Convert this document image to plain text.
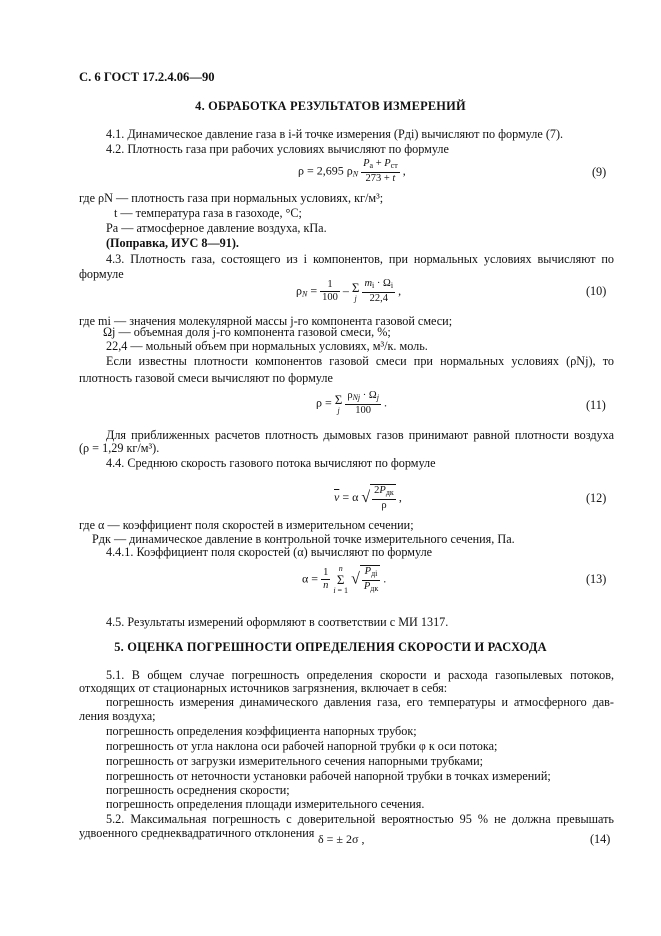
С. 6 ГОСТ 17.2.4.06—90
4. ОБРАБОТКА РЕЗУЛЬТАТОВ ИЗМЕРЕНИЙ
4.1. Динамическое давление газа в i-й точке измерения (Pдi) вычисляют по формуле (7).
4.2. Плотность газа при рабочих условиях вычисляют по формуле
ρ = 2,695 $\rho_N \frac{P_a + P_{ст}}{273 + t}$ ,	(9)
где ρN — плотность газа при нормальных условиях, кг/м³;
t — температура газа в газоходе, °С;
Pа — атмосферное давление воздуха, кПа.
(Поправка, ИУС 8—91).
4.3. Плотность газа, состоящего из i компонентов, при нормальных условиях вычисляют по
формуле
$\rho_N = \frac{1}{100} - \Sigma$
j $\frac{m_i \cdot \Omega_i}{22,4}$ ,	(10)
где mi — значения молекулярной массы j-го компонента газовой смеси;
Ωj — объемная доля j-го компонента газовой смеси, %;
22,4 — мольный объем при нормальных условиях, м³/к. моль.
Если известны плотности компонентов газовой смеси при нормальных условиях (ρNj), то
плотность газовой смеси вычисляют по формуле
ρ = Σ
j $\frac{\rho_{Nj} \cdot \Omega_j}{100}$ .	(11)
Для приближенных расчетов плотность дымовых газов принимают равной плотности воздуха
(ρ = 1,29 кг/м³).
4.4. Среднюю скорость газового потока вычисляют по формуле
$\overline{v} = \alpha$ √ $\frac{2P_{дк}}{\rho}$ ,	(12)
где α — коэффициент поля скоростей в измерительном сечении;
Pдк — динамическое давление в контрольной точке измерительного сечения, Па.
4.4.1. Коэффициент поля скоростей (α) вычисляют по формуле
$\alpha = \frac{1}{n}$ n
Σ
i = 1 √ $\frac{P_{дi}}{P_{дк}}$ .	(13)
4.5. Результаты измерений оформляют в соответствии с МИ 1317.
5. ОЦЕНКА ПОГРЕШНОСТИ ОПРЕДЕЛЕНИЯ СКОРОСТИ И РАСХОДА
5.1. В общем случае погрешность определения скорости и расхода газопылевых потоков,
отходящих от стационарных источников загрязнения, включает в себя:
погрешность измерения динамического давления газа, его температуры и атмосферного дав-
ления воздуха;
погрешность определения коэффициента напорных трубок;
погрешность от угла наклона оси рабочей напорной трубки φ к оси потока;
погрешность от загрузки измерительного сечения напорными трубками;
погрешность от неточности установки рабочей напорной трубки в точках измерений;
погрешность осреднения скорости;
погрешность определения площади измерительного сечения.
5.2. Максимальная погрешность с доверительной вероятностью 95 % не должна превышать
удвоенного среднеквадратичного отклонения δ = ± 2σ ,	(14)
